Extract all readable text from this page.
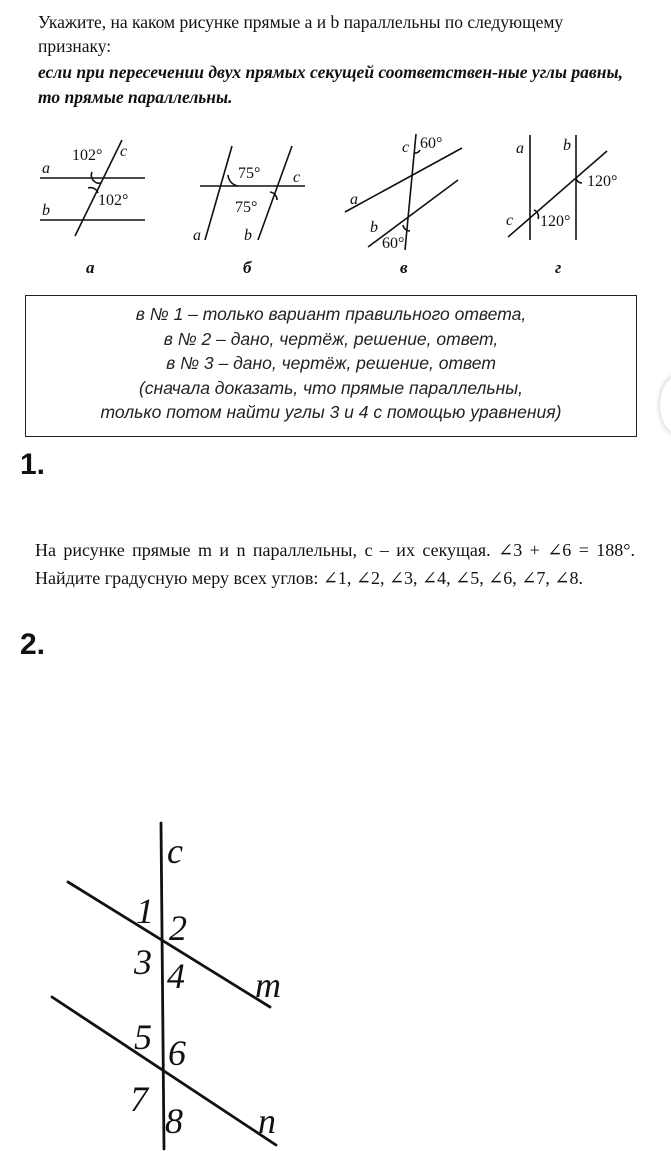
Укажите, на каком рисунке прямые a и b параллельны по следующему признаку:
если при пересечении двух прямых секущей соответствен-ные углы равны, то прямые параллельны.
102° c
a
102°
b
75° c
75°
a	b
c 60°
a
b
60°
a b
120°
c 120°
а	б	в	г
в № 1 – только вариант правильного ответа,
в № 2 – дано, чертёж, решение, ответ,
в № 3 – дано, чертёж, решение, ответ
(сначала доказать, что прямые параллельны,
только потом найти углы 3 и 4 с помощью уравнения)
1.
На рисунке прямые m и n параллельны, c – их секущая. ∠3 + ∠6 = 188°. Найдите градусную меру всех углов: ∠1, ∠2, ∠3, ∠4, ∠5, ∠6, ∠7, ∠8.
2.
c
1 2
3 4 m
5 6
7
8 n
